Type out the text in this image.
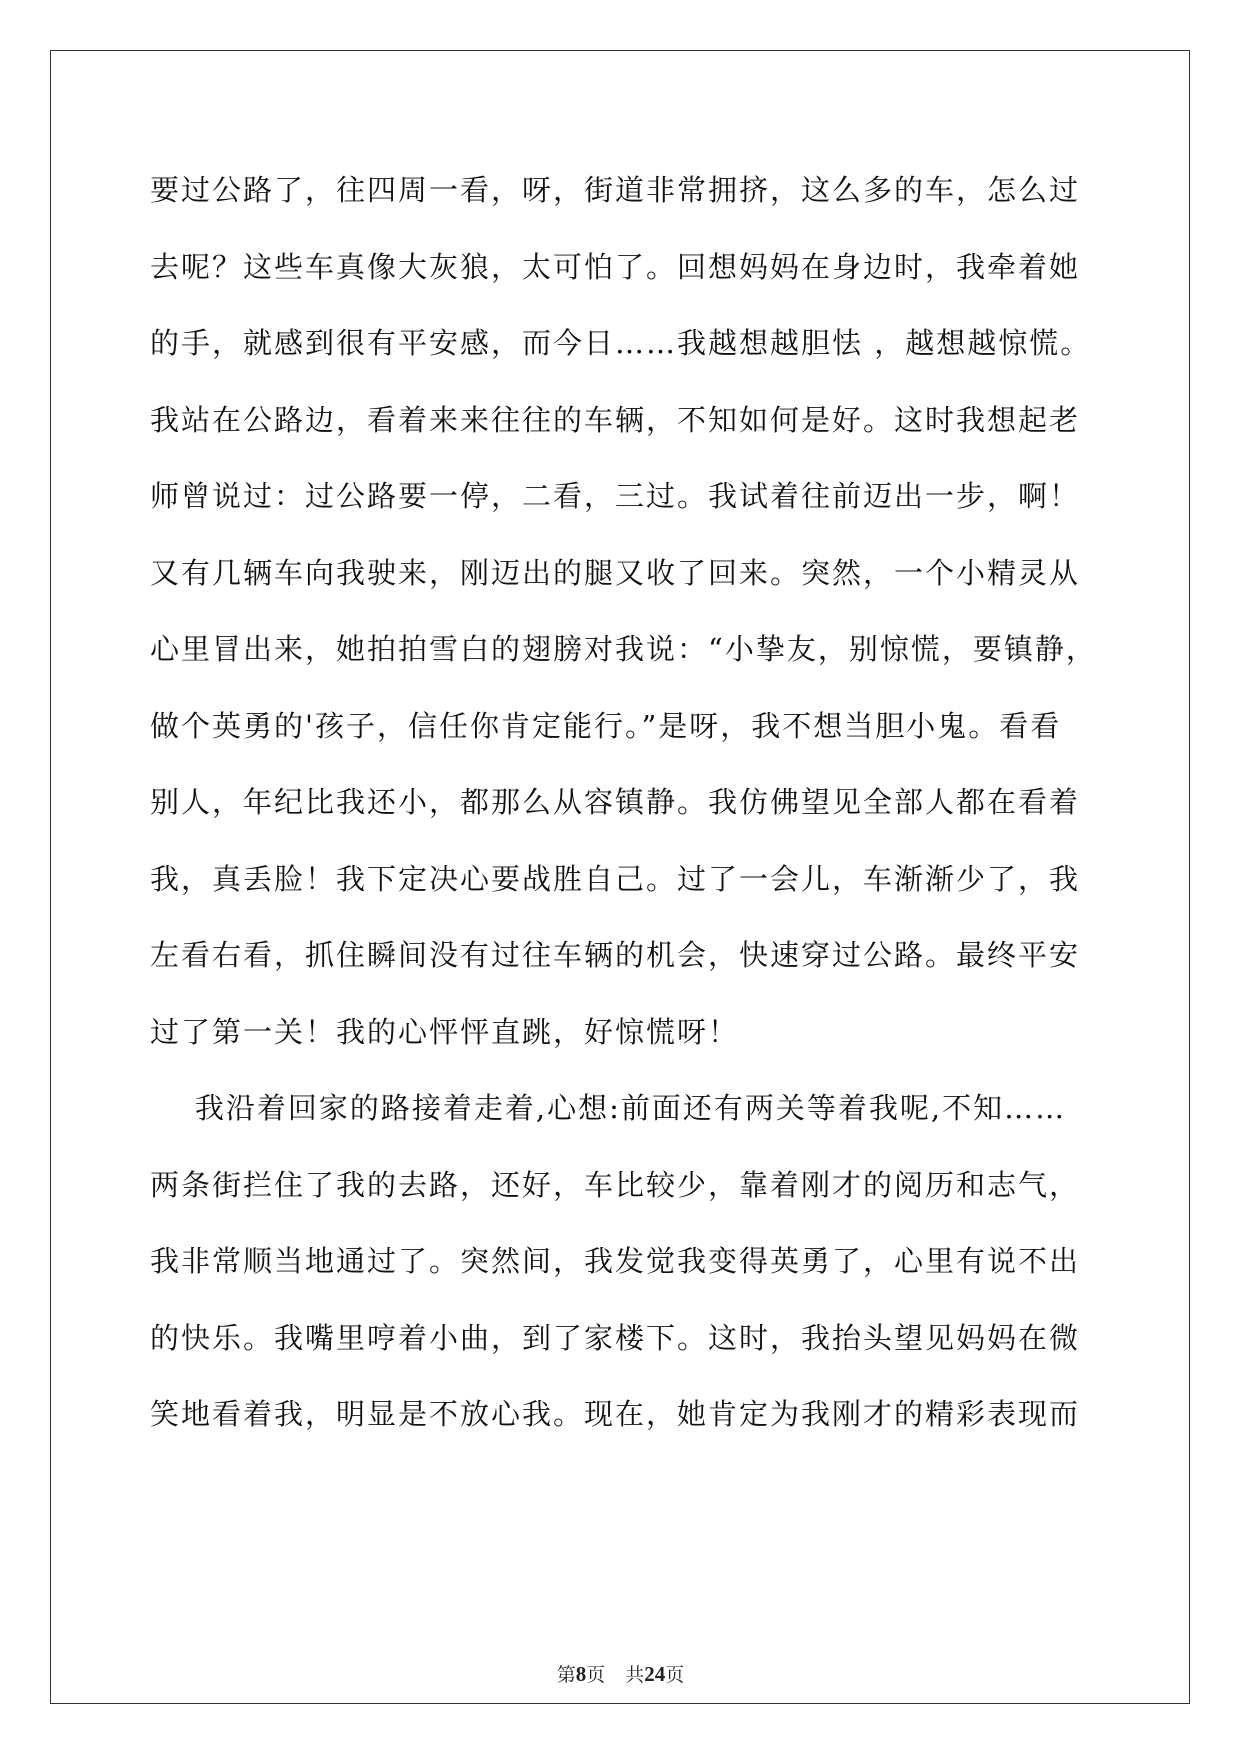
要过公路了，往四周一看，呀，街道非常拥挤，这么多的车，怎么过
去呢？这些车真像大灰狼，太可怕了。回想妈妈在身边时，我牵着她
的手，就感到很有平安感，而今日……我越想越胆怯 ，越想越惊慌。
我站在公路边，看着来来往往的车辆，不知如何是好。这时我想起老
师曾说过：过公路要一停，二看，三过。我试着往前迈出一步，啊！
又有几辆车向我驶来，刚迈出的腿又收了回来。突然，一个小精灵从
心里冒出来，她拍拍雪白的翅膀对我说：“小挚友，别惊慌，要镇静，
做个英勇的'孩子，信任你肯定能行。”是呀，我不想当胆小鬼。看看
别人，年纪比我还小，都那么从容镇静。我仿佛望见全部人都在看着
我，真丢脸！我下定决心要战胜自己。过了一会儿，车渐渐少了，我
左看右看，抓住瞬间没有过往车辆的机会，快速穿过公路。最终平安
过了第一关！我的心怦怦直跳，好惊慌呀！
我沿着回家的路接着走着,心想:前面还有两关等着我呢,不知……
两条街拦住了我的去路，还好，车比较少，靠着刚才的阅历和志气，
我非常顺当地通过了。突然间，我发觉我变得英勇了，心里有说不出
的快乐。我嘴里哼着小曲，到了家楼下。这时，我抬头望见妈妈在微
笑地看着我，明显是不放心我。现在，她肯定为我刚才的精彩表现而
第8页 共24页
